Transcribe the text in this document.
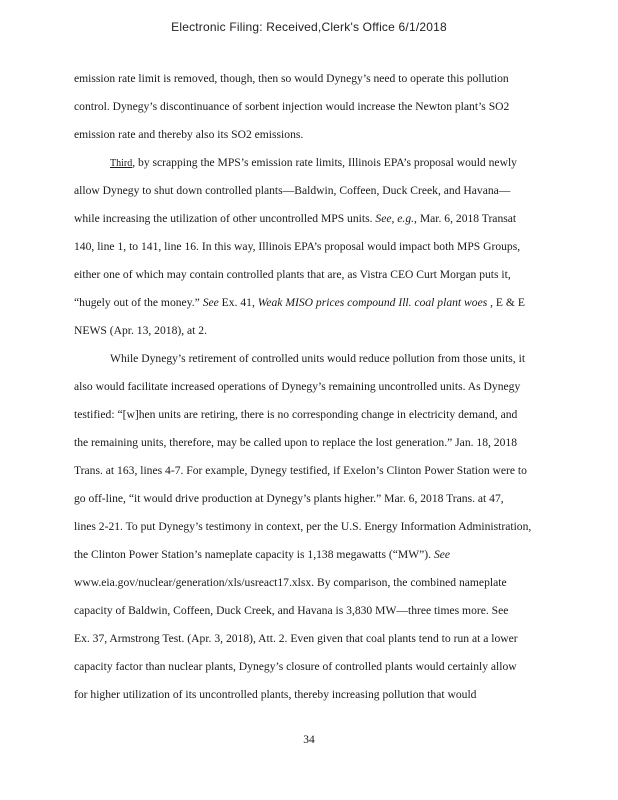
Electronic Filing: Received,Clerk's Office 6/1/2018
emission rate limit is removed, though, then so would Dynegy’s need to operate this pollution
control. Dynegy’s discontinuance of sorbent injection would increase the Newton plant’s SO2
emission rate and thereby also its SO2 emissions.
Third, by scrapping the MPS’s emission rate limits, Illinois EPA’s proposal would newly
allow Dynegy to shut down controlled plants—Baldwin, Coffeen, Duck Creek, and Havana—
while increasing the utilization of other uncontrolled MPS units. See, e.g., Mar. 6, 2018 Transat
140, line 1, to 141, line 16. In this way, Illinois EPA’s proposal would impact both MPS Groups,
either one of which may contain controlled plants that are, as Vistra CEO Curt Morgan puts it,
“hugely out of the money.” See Ex. 41, Weak MISO prices compound Ill. coal plant woes , E & E
NEWS (Apr. 13, 2018), at 2.
While Dynegy’s retirement of controlled units would reduce pollution from those units, it
also would facilitate increased operations of Dynegy’s remaining uncontrolled units. As Dynegy
testified: “[w]hen units are retiring, there is no corresponding change in electricity demand, and
the remaining units, therefore, may be called upon to replace the lost generation.” Jan. 18, 2018
Trans. at 163, lines 4-7. For example, Dynegy testified, if Exelon’s Clinton Power Station were to
go off-line, “it would drive production at Dynegy’s plants higher.” Mar. 6, 2018 Trans. at 47,
lines 2-21. To put Dynegy’s testimony in context, per the U.S. Energy Information Administration,
the Clinton Power Station’s nameplate capacity is 1,138 megawatts (“MW”). See
www.eia.gov/nuclear/generation/xls/usreact17.xlsx. By comparison, the combined nameplate
capacity of Baldwin, Coffeen, Duck Creek, and Havana is 3,830 MW—three times more. See
Ex. 37, Armstrong Test. (Apr. 3, 2018), Att. 2. Even given that coal plants tend to run at a lower
capacity factor than nuclear plants, Dynegy’s closure of controlled plants would certainly allow
for higher utilization of its uncontrolled plants, thereby increasing pollution that would
34
